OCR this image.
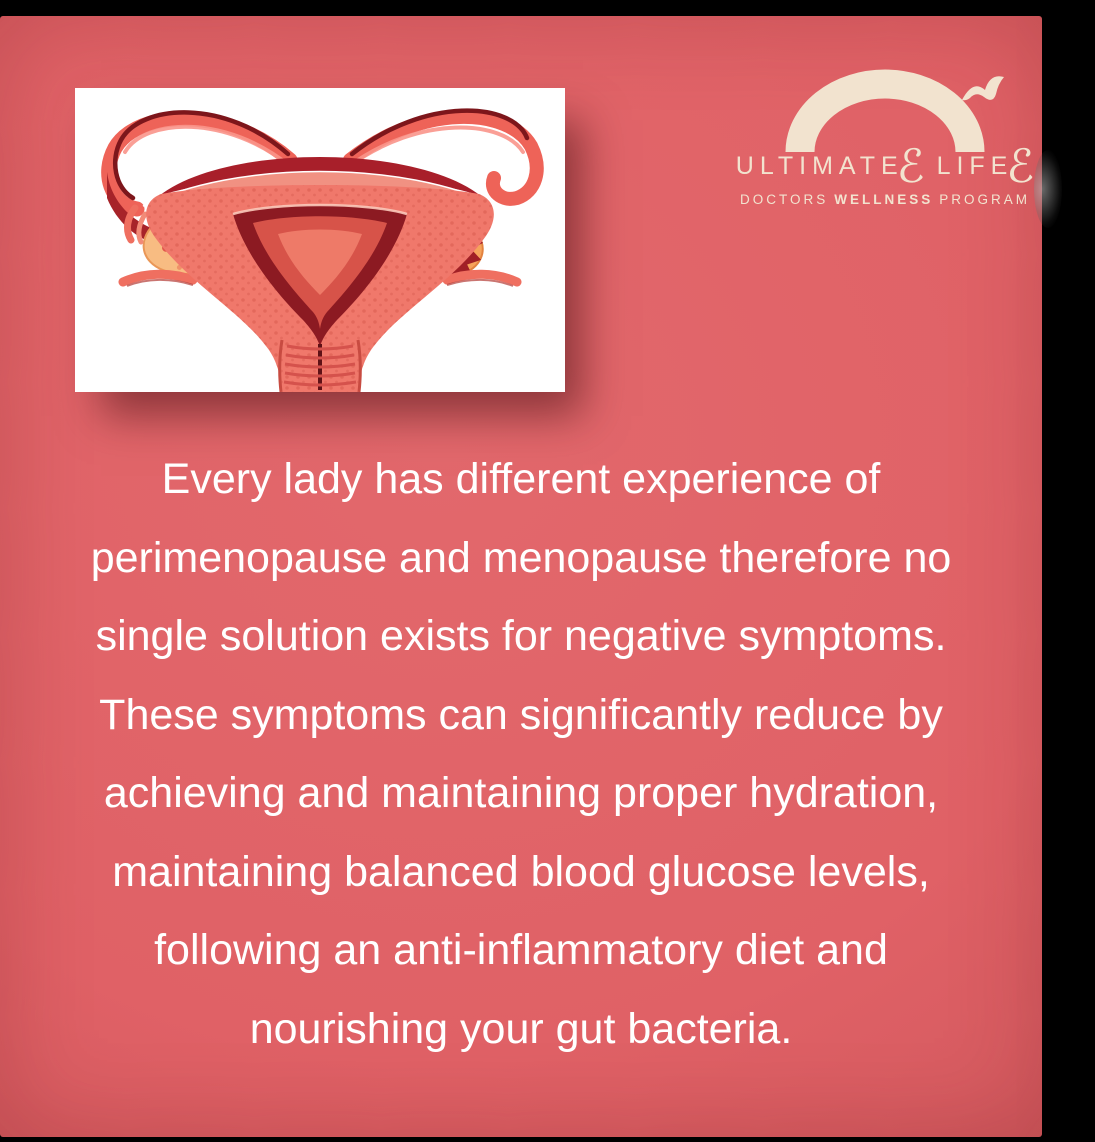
ULTIMATEℰ LIFEℰ
DOCTORS WELLNESS PROGRAM
Every lady has different experience of
perimenopause and menopause therefore no
single solution exists for negative symptoms.
These symptoms can significantly reduce by
achieving and maintaining proper hydration,
maintaining balanced blood glucose levels,
following an anti-inflammatory diet and
nourishing your gut bacteria.
